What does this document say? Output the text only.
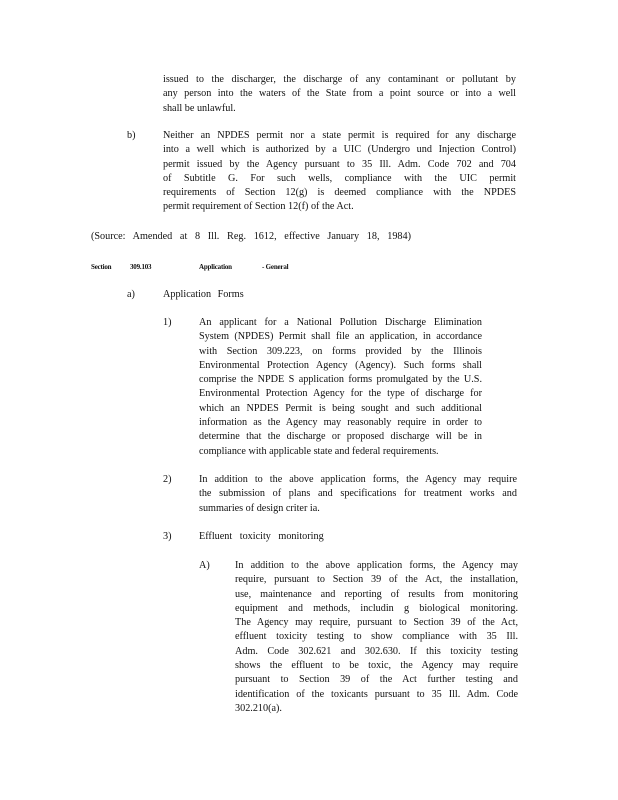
issued to the discharger, the discharge of any contaminant or pollutant by
any person into the waters of the State from a point source or into a well
shall be unlawful.
b)	Neither an NPDES permit nor a state permit is required for any discharge
into a well which is authorized by a UIC (Undergro und Injection Control)
permit issued by the Agency pursuant to 35 Ill. Adm. Code 702 and 704
of Subtitle G. For such wells, compliance with the UIC permit
requirements of Section 12(g) is deemed compliance with the NPDES
permit requirement of Section 12(f) of the Act.
(Source: Amended at 8 Ill. Reg. 1612, effective January 18, 1984)
Section	309.103	Application	- General
a)	Application Forms
1)	An applicant for a National Pollution Discharge Elimination
System (NPDES) Permit shall file an application, in accordance
with Section 309.223, on forms provided by the Illinois
Environmental Protection Agency (Agency). Such forms shall
comprise the NPDE S application forms promulgated by the U.S.
Environmental Protection Agency for the type of discharge for
which an NPDES Permit is being sought and such additional
information as the Agency may reasonably require in order to
determine that the discharge or proposed discharge will be in
compliance with applicable state and federal requirements.
2)	In addition to the above application forms, the Agency may require
the submission of plans and specifications for treatment works and
summaries of design criter ia.
3)	Effluent toxicity monitoring
A) In addition to the above application forms, the Agency may
require, pursuant to Section 39 of the Act, the installation,
use, maintenance and reporting of results from monitoring
equipment and methods, includin g biological monitoring.
The Agency may require, pursuant to Section 39 of the Act,
effluent toxicity testing to show compliance with 35 Ill.
Adm. Code 302.621 and 302.630. If this toxicity testing
shows the effluent to be toxic, the Agency may require
pursuant to Section 39 of the Act further testing and
identification of the toxicants pursuant to 35 Ill. Adm. Code
302.210(a).
